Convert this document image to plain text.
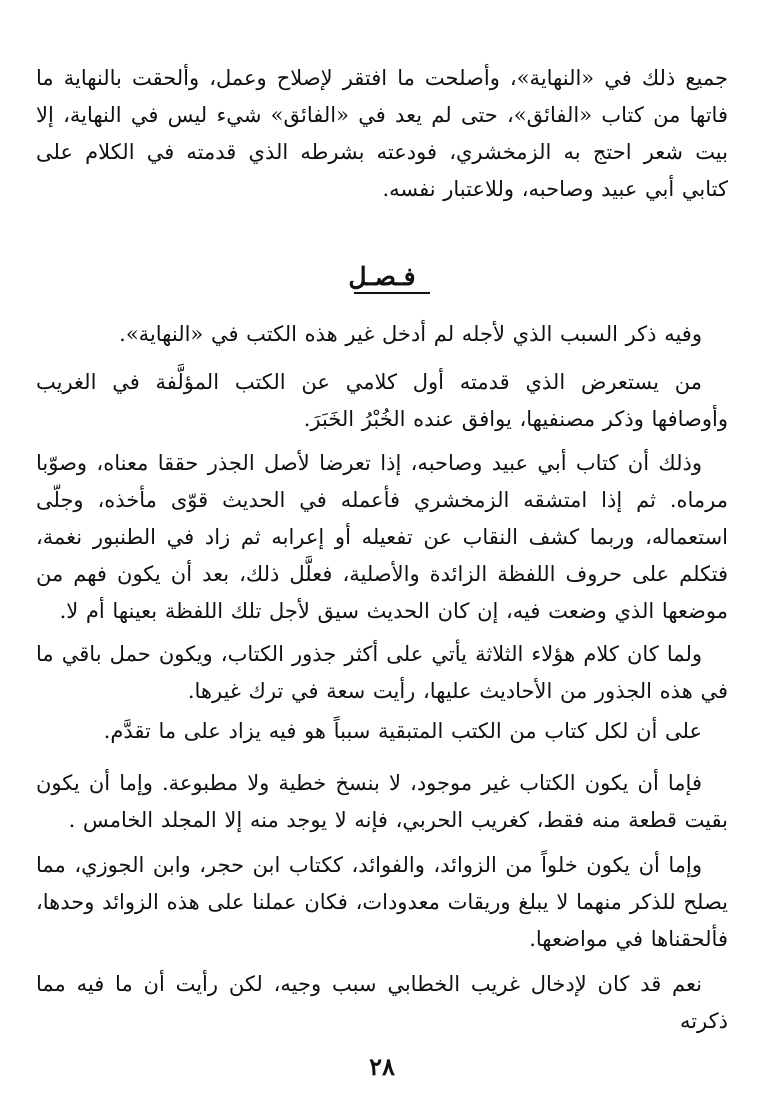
جميع ذلك في «النهاية»، وأصلحت ما افتقر لإصلاح وعمل، وألحقت بالنهاية ما فاتها من كتاب «الفائق»، حتى لم يعد في «الفائق» شيء ليس في النهاية، إلا بيت شعر احتج به الزمخشري، فودعته بشرطه الذي قدمته في الكلام على كتابي أبي عبيد وصاحبه، وللاعتبار نفسه.

فـصـل

وفيه ذكر السبب الذي لأجله لم أدخل غير هذه الكتب في «النهاية».

من يستعرض الذي قدمته أول كلامي عن الكتب المؤلَّفة في الغريب وأوصافها وذكر مصنفيها، يوافق عنده الخُبْرُ الخَبَرَ.

وذلك أن كتاب أبي عبيد وصاحبه، إذا تعرضا لأصل الجذر حققا معناه، وصوّبا مرماه. ثم إذا امتشقه الزمخشري فأعمله في الحديث قوّى مأخذه، وجلّى استعماله، وربما كشف النقاب عن تفعيله أو إعرابه ثم زاد في الطنبور نغمة، فتكلم على حروف اللفظة الزائدة والأصلية، فعلَّل ذلك، بعد أن يكون فهم من موضعها الذي وضعت فيه، إن كان الحديث سيق لأجل تلك اللفظة بعينها أم لا.

ولما كان كلام هؤلاء الثلاثة يأتي على أكثر جذور الكتاب، ويكون حمل باقي ما في هذه الجذور من الأحاديث عليها، رأيت سعة في ترك غيرها.

على أن لكل كتاب من الكتب المتبقية سبباً هو فيه يزاد على ما تقدَّم.

فإما أن يكون الكتاب غير موجود، لا بنسخ خطية ولا مطبوعة. وإما أن يكون بقيت قطعة منه فقط، كغريب الحربي، فإنه لا يوجد منه إلا المجلد الخامس .

وإما أن يكون خلواً من الزوائد، والفوائد، ككتاب ابن حجر، وابن الجوزي، مما يصلح للذكر منهما لا يبلغ وريقات معدودات، فكان عملنا على هذه الزوائد وحدها، فألحقناها في مواضعها.

نعم قد كان لإدخال غريب الخطابي سبب وجيه، لكن رأيت أن ما فيه مما ذكرته

٢٨
